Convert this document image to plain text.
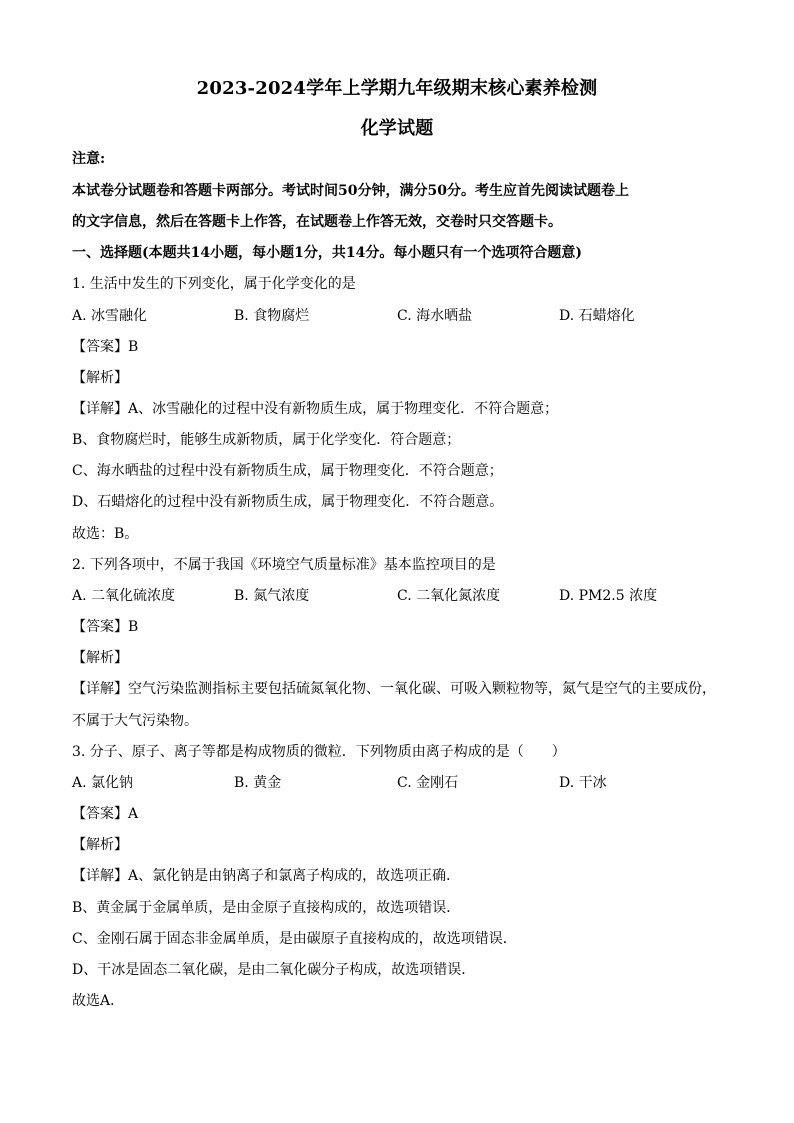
2023-2024学年上学期九年级期末核心素养检测
化学试题
注意:
本试卷分试题卷和答题卡两部分。考试时间50分钟，满分50分。考生应首先阅读试题卷上
的文字信息，然后在答题卡上作答，在试题卷上作答无效，交卷时只交答题卡。
一、选择题(本题共14小题，每小题1分，共14分。每小题只有一个选项符合题意)
1. 生活中发生的下列变化，属于化学变化的是
A. 冰雪融化	B. 食物腐烂	C. 海水晒盐	D. 石蜡熔化
【答案】B
【解析】
【详解】A、冰雪融化的过程中没有新物质生成，属于物理变化．不符合题意；
B、食物腐烂时，能够生成新物质，属于化学变化．符合题意；
C、海水晒盐的过程中没有新物质生成，属于物理变化．不符合题意；
D、石蜡熔化的过程中没有新物质生成，属于物理变化．不符合题意。
故选：B。
2. 下列各项中，不属于我国《环境空气质量标准》基本监控项目的是
A. 二氧化硫浓度	B. 氮气浓度	C. 二氧化氮浓度	D. PM2.5 浓度
【答案】B
【解析】
【详解】空气污染监测指标主要包括硫氮氧化物、一氧化碳、可吸入颗粒物等，氮气是空气的主要成份，
不属于大气污染物。
3. 分子、原子、离子等都是构成物质的微粒．下列物质由离子构成的是（　　）
A. 氯化钠	B. 黄金	C. 金刚石	D. 干冰
【答案】A
【解析】
【详解】A、氯化钠是由钠离子和氯离子构成的，故选项正确．
B、黄金属于金属单质，是由金原子直接构成的，故选项错误．
C、金刚石属于固态非金属单质，是由碳原子直接构成的，故选项错误．
D、干冰是固态二氧化碳，是由二氧化碳分子构成，故选项错误．
故选A．
